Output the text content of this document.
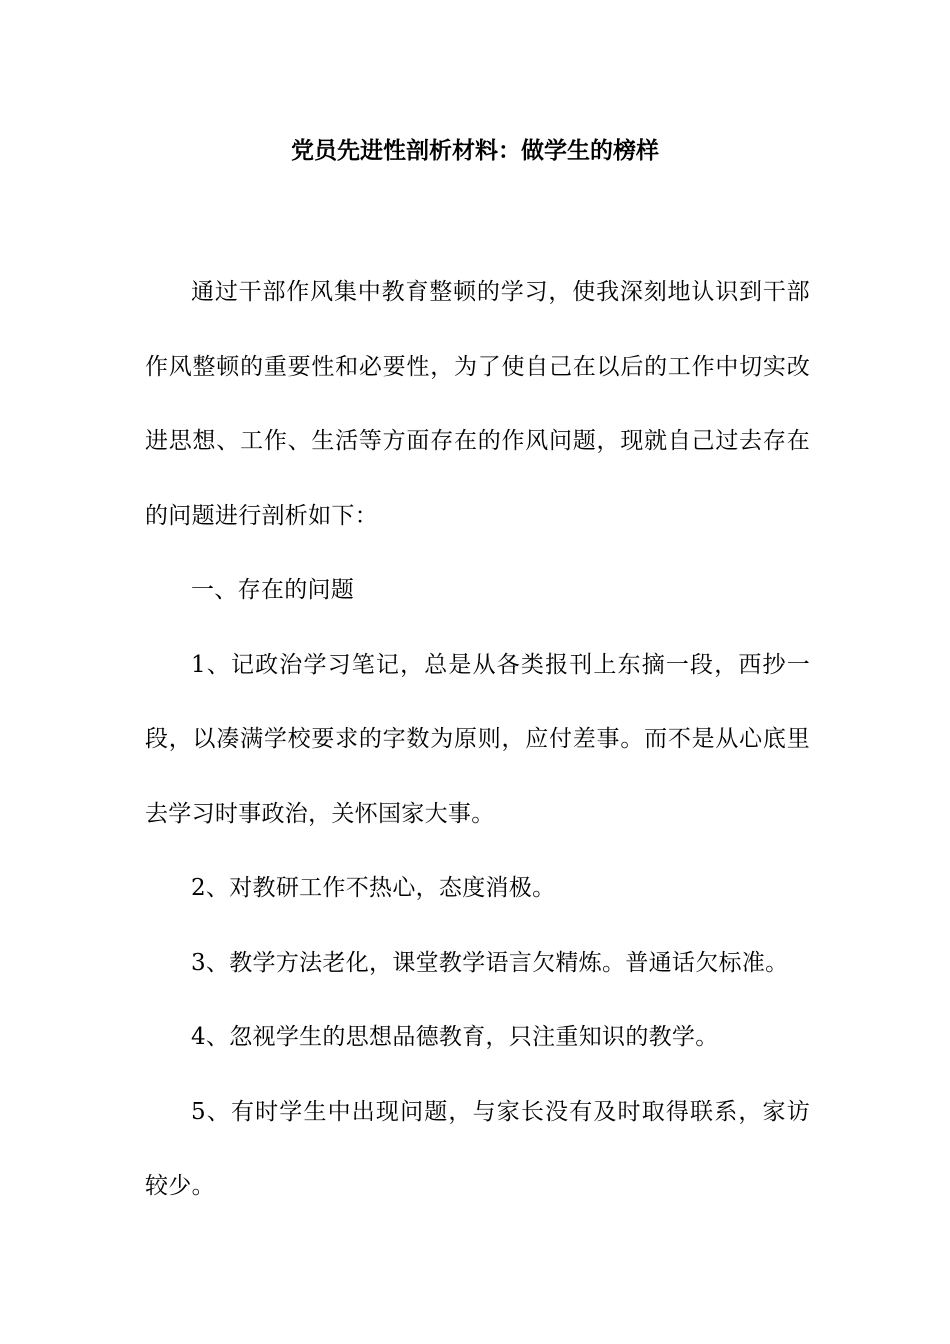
党员先进性剖析材料：做学生的榜样

通过干部作风集中教育整顿的学习，使我深刻地认识到干部作风整顿的重要性和必要性，为了使自己在以后的工作中切实改进思想、工作、生活等方面存在的作风问题，现就自己过去存在的问题进行剖析如下：

一、存在的问题

1、记政治学习笔记，总是从各类报刊上东摘一段，西抄一段，以凑满学校要求的字数为原则，应付差事。而不是从心底里去学习时事政治，关怀国家大事。

2、对教研工作不热心，态度消极。

3、教学方法老化，课堂教学语言欠精炼。普通话欠标准。

4、忽视学生的思想品德教育，只注重知识的教学。

5、有时学生中出现问题，与家长没有及时取得联系，家访较少。
